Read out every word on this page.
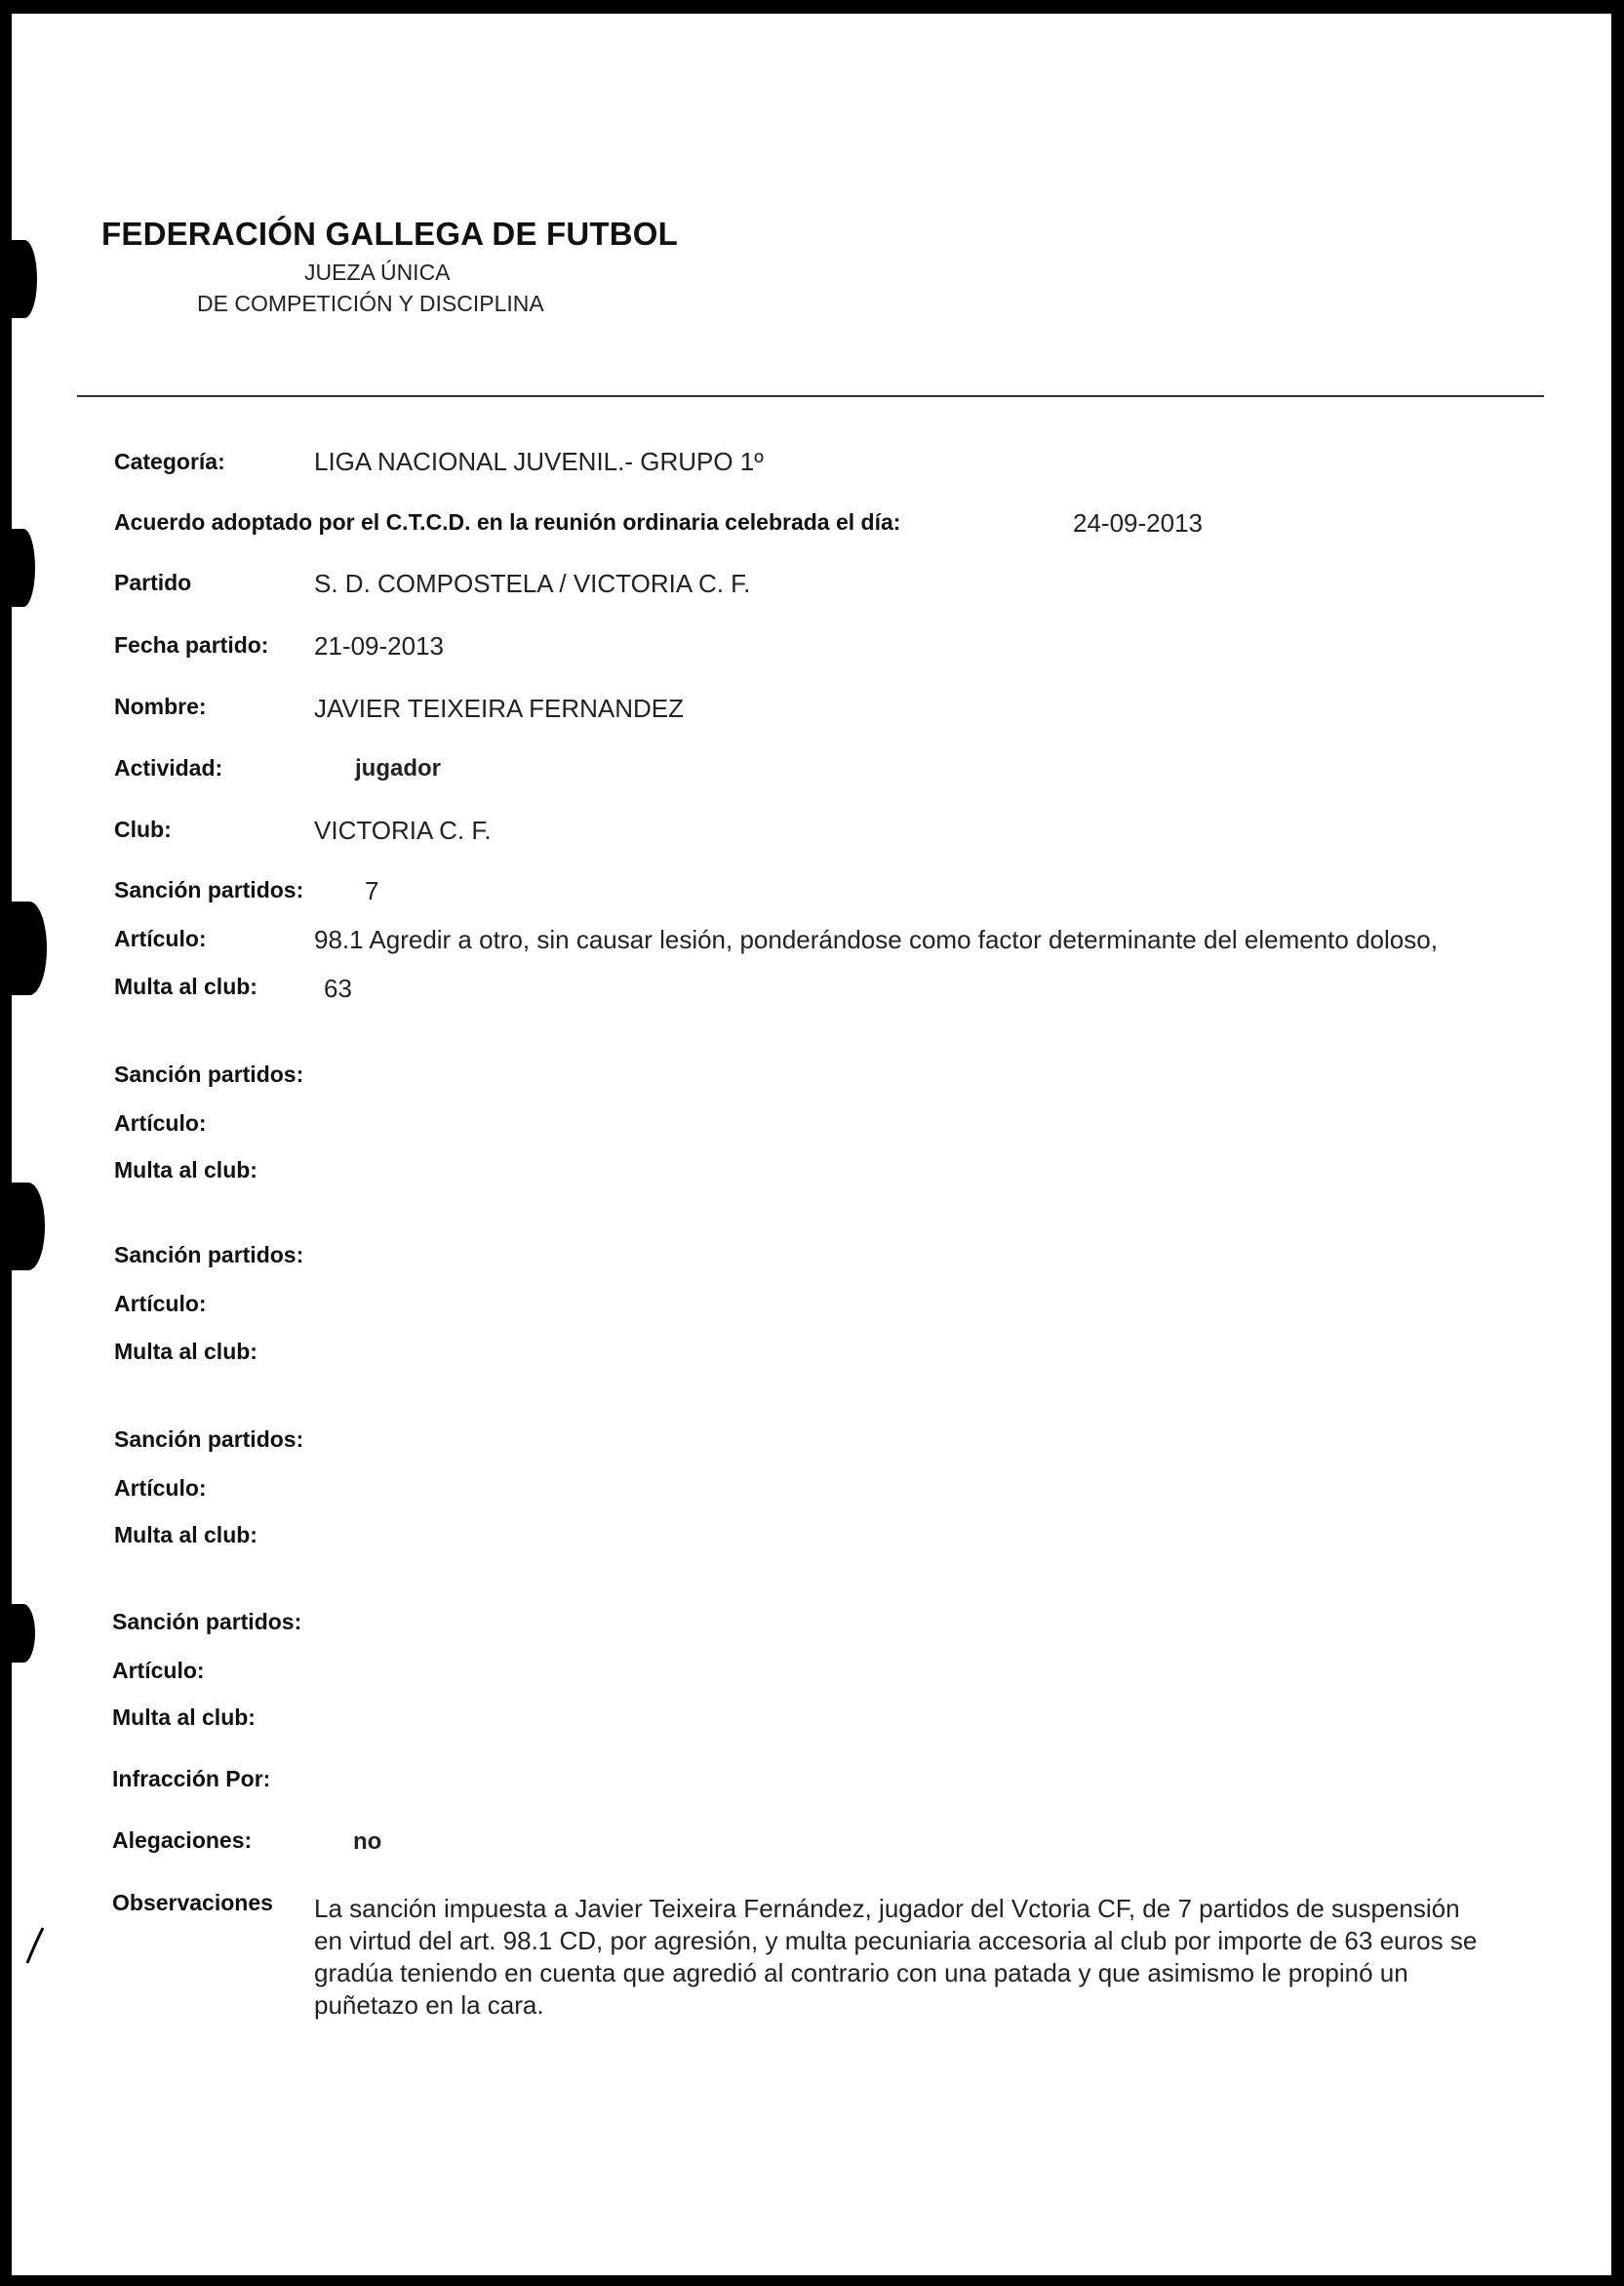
FEDERACIÓN GALLEGA DE FUTBOL
JUEZA ÚNICA
DE COMPETICIÓN Y DISCIPLINA
Categoría:	LIGA NACIONAL JUVENIL.- GRUPO 1º
Acuerdo adoptado por el C.T.C.D. en la reunión ordinaria celebrada el día:	24-09-2013
Partido	S. D. COMPOSTELA / VICTORIA C. F.
Fecha partido: 21-09-2013
Nombre:	JAVIER TEIXEIRA FERNANDEZ
Actividad:	jugador
Club:	VICTORIA C. F.
Sanción partidos: 7
Artículo:	98.1 Agredir a otro, sin causar lesión, ponderándose como factor determinante del elemento doloso,
Multa al club:	63
Sanción partidos:
Artículo:
Multa al club:
Sanción partidos:
Artículo:
Multa al club:
Sanción partidos:
Artículo:
Multa al club:
Sanción partidos:
Artículo:
Multa al club:
Infracción Por:
Alegaciones:	no
Observaciones La sanción impuesta a Javier Teixeira Fernández, jugador del Vctoria CF, de 7 partidos de suspensión
en virtud del art. 98.1 CD, por agresión, y multa pecuniaria accesoria al club por importe de 63 euros se
gradúa teniendo en cuenta que agredió al contrario con una patada y que asimismo le propinó un
puñetazo en la cara.
